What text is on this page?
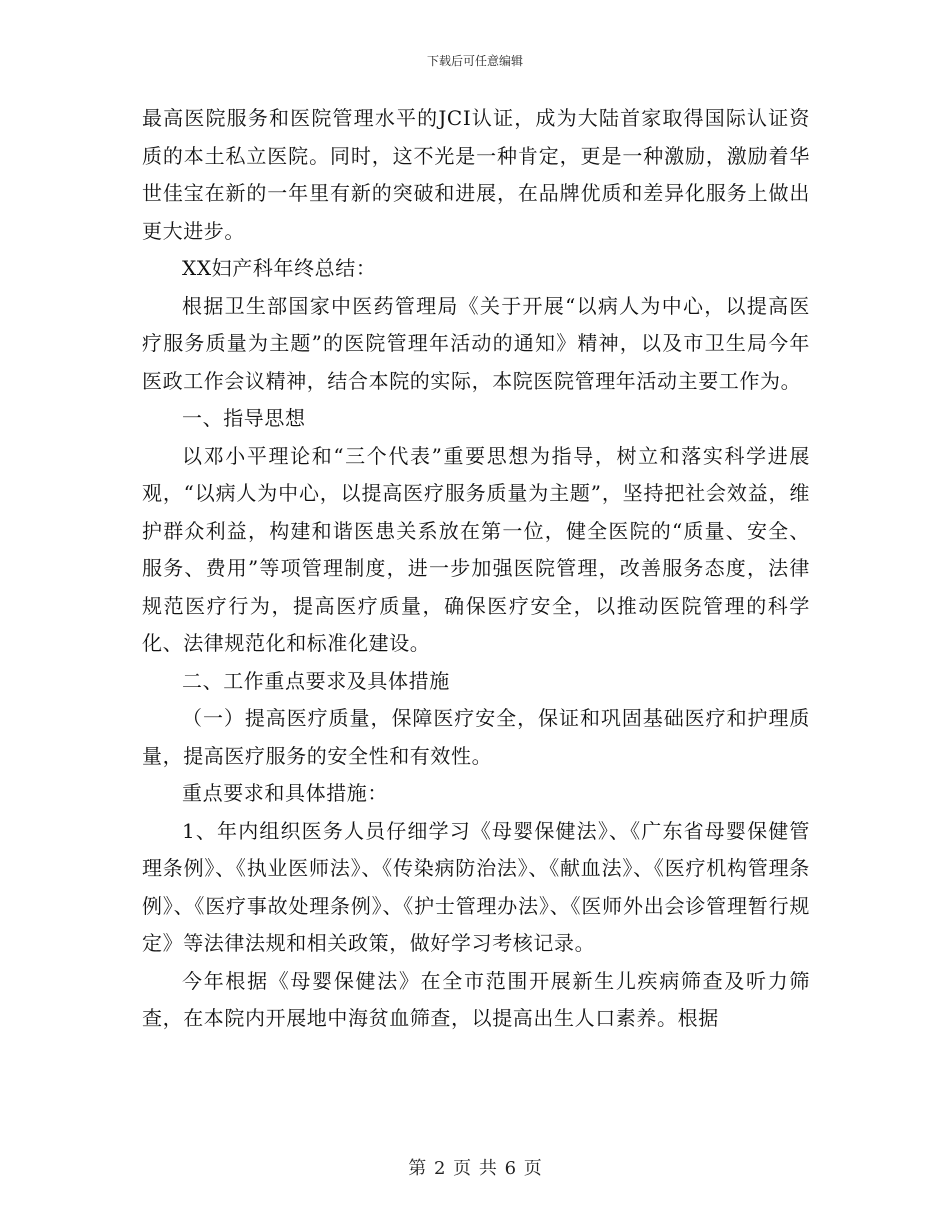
下载后可任意编辑

最高医院服务和医院管理水平的JCI认证，成为大陆首家取得国际认证资质的本土私立医院。同时，这不光是一种肯定，更是一种激励，激励着华世佳宝在新的一年里有新的突破和进展，在品牌优质和差异化服务上做出更大进步。

XX妇产科年终总结：

根据卫生部国家中医药管理局《关于开展“以病人为中心，以提高医疗服务质量为主题”的医院管理年活动的通知》精神，以及市卫生局今年医政工作会议精神，结合本院的实际，本院医院管理年活动主要工作为。

一、指导思想

以邓小平理论和“三个代表”重要思想为指导，树立和落实科学进展观，“以病人为中心，以提高医疗服务质量为主题”，坚持把社会效益，维护群众利益，构建和谐医患关系放在第一位，健全医院的“质量、安全、服务、费用”等项管理制度，进一步加强医院管理，改善服务态度，法律规范医疗行为，提高医疗质量，确保医疗安全，以推动医院管理的科学化、法律规范化和标准化建设。

二、工作重点要求及具体措施

（一）提高医疗质量，保障医疗安全，保证和巩固基础医疗和护理质量，提高医疗服务的安全性和有效性。

重点要求和具体措施：

1、年内组织医务人员仔细学习《母婴保健法》、《广东省母婴保健管理条例》、《执业医师法》、《传染病防治法》、《献血法》、《医疗机构管理条例》、《医疗事故处理条例》、《护士管理办法》、《医师外出会诊管理暂行规定》等法律法规和相关政策，做好学习考核记录。

今年根据《母婴保健法》在全市范围开展新生儿疾病筛查及听力筛查，在本院内开展地中海贫血筛查，以提高出生人口素养。根据

第 2 页 共 6 页
